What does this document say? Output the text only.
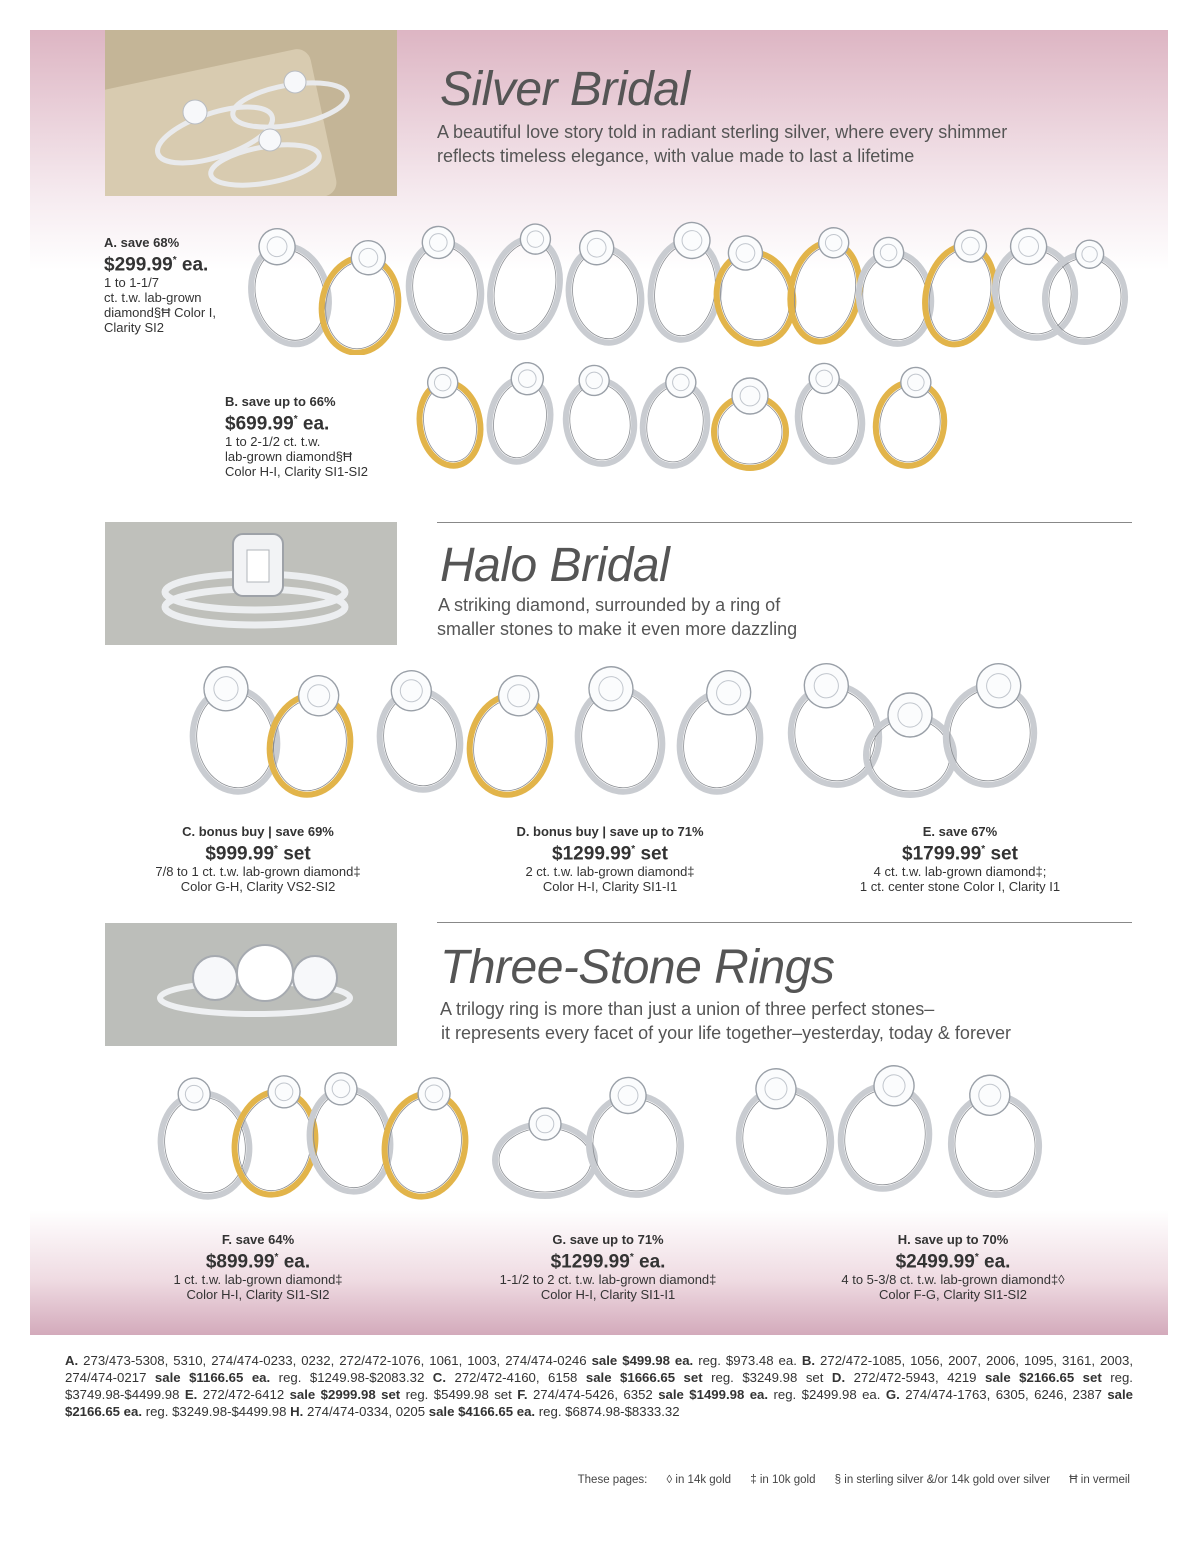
Silver Bridal
A beautiful love story told in radiant sterling silver, where every shimmer
reflects timeless elegance, with value made to last a lifetime
A. save 68%
$299.99* ea.
1 to 1-1/7
ct. t.w. lab-grown
diamond§Ħ Color I,
Clarity SI2
B. save up to 66%
$699.99* ea.
1 to 2-1/2 ct. t.w.
lab-grown diamond§Ħ
Color H-I, Clarity SI1-SI2
Halo Bridal
A striking diamond, surrounded by a ring of
smaller stones to make it even more dazzling
C. bonus buy | save 69%
$999.99* set
7/8 to 1 ct. t.w. lab-grown diamond‡
Color G-H, Clarity VS2-SI2
D. bonus buy | save up to 71%
$1299.99* set
2 ct. t.w. lab-grown diamond‡
Color H-I, Clarity SI1-I1
E. save 67%
$1799.99* set
4 ct. t.w. lab-grown diamond‡;
1 ct. center stone Color I, Clarity I1
Three-Stone Rings
A trilogy ring is more than just a union of three perfect stones–
it represents every facet of your life together–yesterday, today & forever
F. save 64%
$899.99* ea.
1 ct. t.w. lab-grown diamond‡
Color H-I, Clarity SI1-SI2
G. save up to 71%
$1299.99* ea.
1-1/2 to 2 ct. t.w. lab-grown diamond‡
Color H-I, Clarity SI1-I1
H. save up to 70%
$2499.99* ea.
4 to 5-3/8 ct. t.w. lab-grown diamond‡◊
Color F-G, Clarity SI1-SI2
A. 273/473-5308, 5310, 274/474-0233, 0232, 272/472-1076, 1061, 1003, 274/474-0246 sale $499.98 ea. reg. $973.48 ea. B. 272/472-1085, 1056, 2007, 2006, 1095, 3161, 2003, 274/474-0217 sale $1166.65 ea. reg. $1249.98-$2083.32 C. 272/472-4160, 6158 sale $1666.65 set reg. $3249.98 set D. 272/472-5943, 4219 sale $2166.65 set reg. $3749.98-$4499.98 E. 272/472-6412 sale $2999.98 set reg. $5499.98 set F. 274/474-5426, 6352 sale $1499.98 ea. reg. $2499.98 ea. G. 274/474-1763, 6305, 6246, 2387 sale $2166.65 ea. reg. $3249.98-$4499.98 H. 274/474-0334, 0205 sale $4166.65 ea. reg. $6874.98-$8333.32
These pages: ◊ in 14k gold ‡ in 10k gold § in sterling silver &/or 14k gold over silver Ħ in vermeil
